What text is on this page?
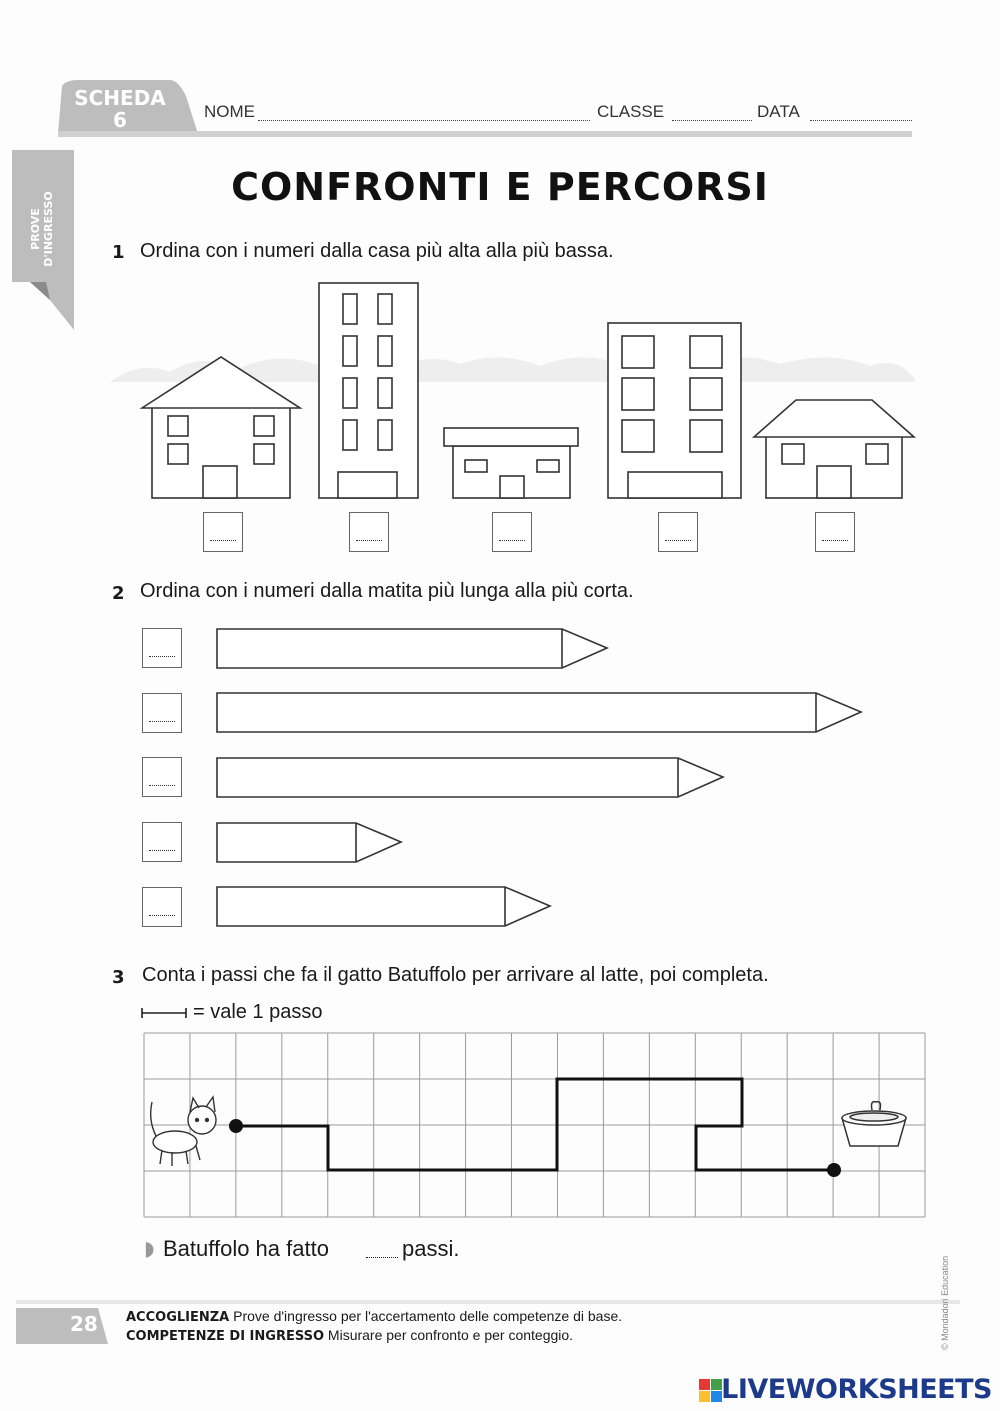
SCHEDA
6	NOME	CLASSE	DATA
PROVE
D'INGRESSO
CONFRONTI E PERCORSI
1 Ordina con i numeri dalla casa più alta alla più bassa.
2 Ordina con i numeri dalla matita più lunga alla più corta.
3 Conta i passi che fa il gatto Batuffolo per arrivare al latte, poi completa.
= vale 1 passo
◗ Batuffolo ha fatto	passi.
28 ACCOGLIENZA Prove d'ingresso per l'accertamento delle competenze di base.
COMPETENZE DI INGRESSO Misurare per confronto e per conteggio.	© Mondadori Education
LIVEWORKSHEETS
